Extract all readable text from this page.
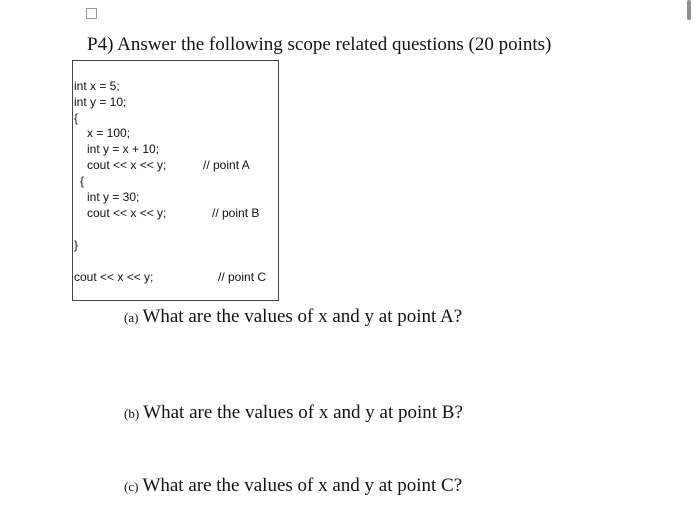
P4) Answer the following scope related questions (20 points)
int x = 5;
int y = 10;
{
x = 100;
int y = x + 10;
cout << x << y;
{
int y = 30;
cout << x << y;
}
cout << x << y;
// point A
// point B
// point C
(a) What are the values of x and y at point A?
(b) What are the values of x and y at point B?
(c) What are the values of x and y at point C?
